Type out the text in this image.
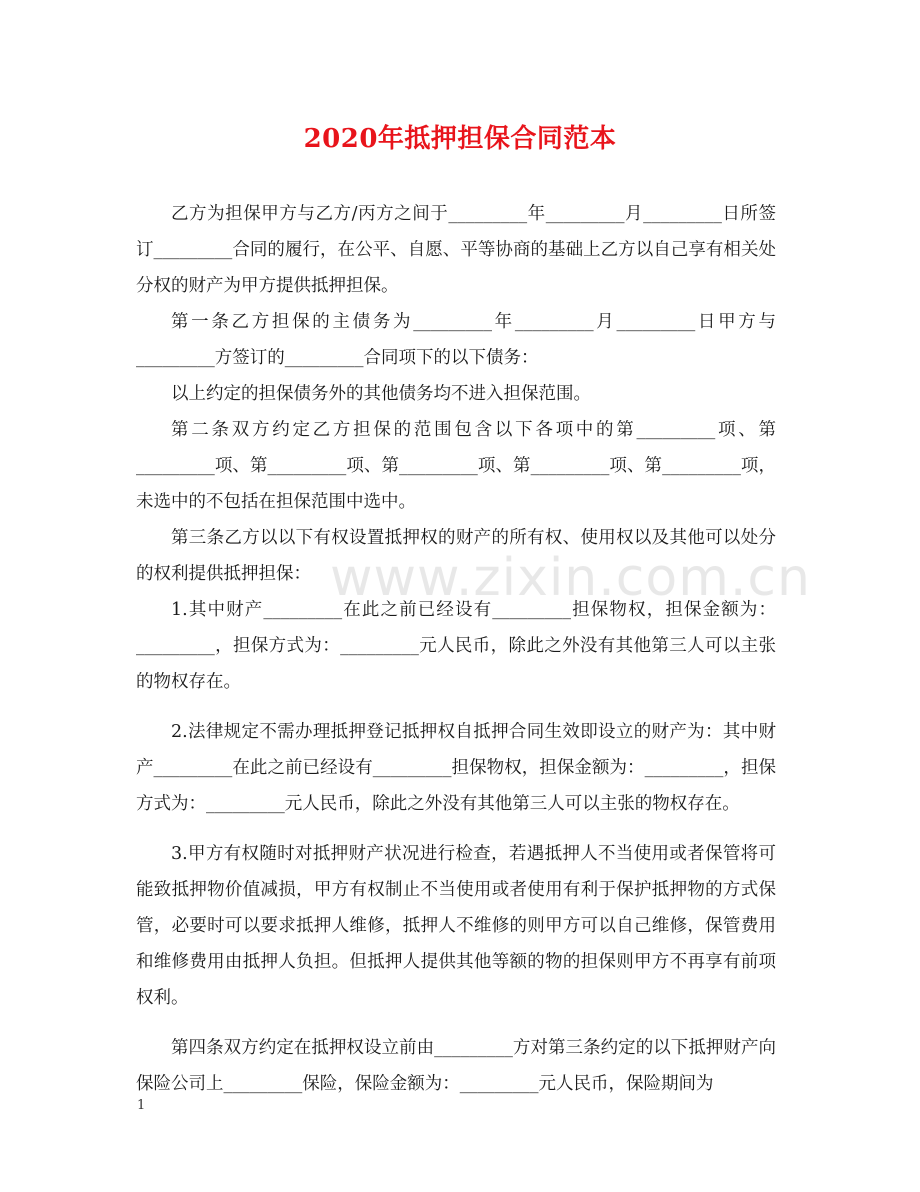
2020年抵押担保合同范本
www.zixin.com.cn

乙方为担保甲方与乙方/丙方之间于_________年_________月_________日所签订_________合同的履行，在公平、自愿、平等协商的基础上乙方以自己享有相关处分权的财产为甲方提供抵押担保。

第一条乙方担保的主债务为_________年_________月_________日甲方与_________方签订的_________合同项下的以下债务：

以上约定的担保债务外的其他债务均不进入担保范围。

第二条双方约定乙方担保的范围包含以下各项中的第_________项、第_________项、第_________项、第_________项、第_________项、第_________项，未选中的不包括在担保范围中选中。

第三条乙方以以下有权设置抵押权的财产的所有权、使用权以及其他可以处分的权利提供抵押担保：

1.其中财产_________在此之前已经设有_________担保物权，担保金额为：_________，担保方式为：_________元人民币，除此之外没有其他第三人可以主张的物权存在。

2.法律规定不需办理抵押登记抵押权自抵押合同生效即设立的财产为：其中财产_________在此之前已经设有_________担保物权，担保金额为：_________，担保方式为：_________元人民币，除此之外没有其他第三人可以主张的物权存在。

3.甲方有权随时对抵押财产状况进行检查，若遇抵押人不当使用或者保管将可能致抵押物价值减损，甲方有权制止不当使用或者使用有利于保护抵押物的方式保管，必要时可以要求抵押人维修，抵押人不维修的则甲方可以自己维修，保管费用和维修费用由抵押人负担。但抵押人提供其他等额的物的担保则甲方不再享有前项权利。

第四条双方约定在抵押权设立前由_________方对第三条约定的以下抵押财产向保险公司上_________保险，保险金额为：_________元人民币，保险期间为

1
